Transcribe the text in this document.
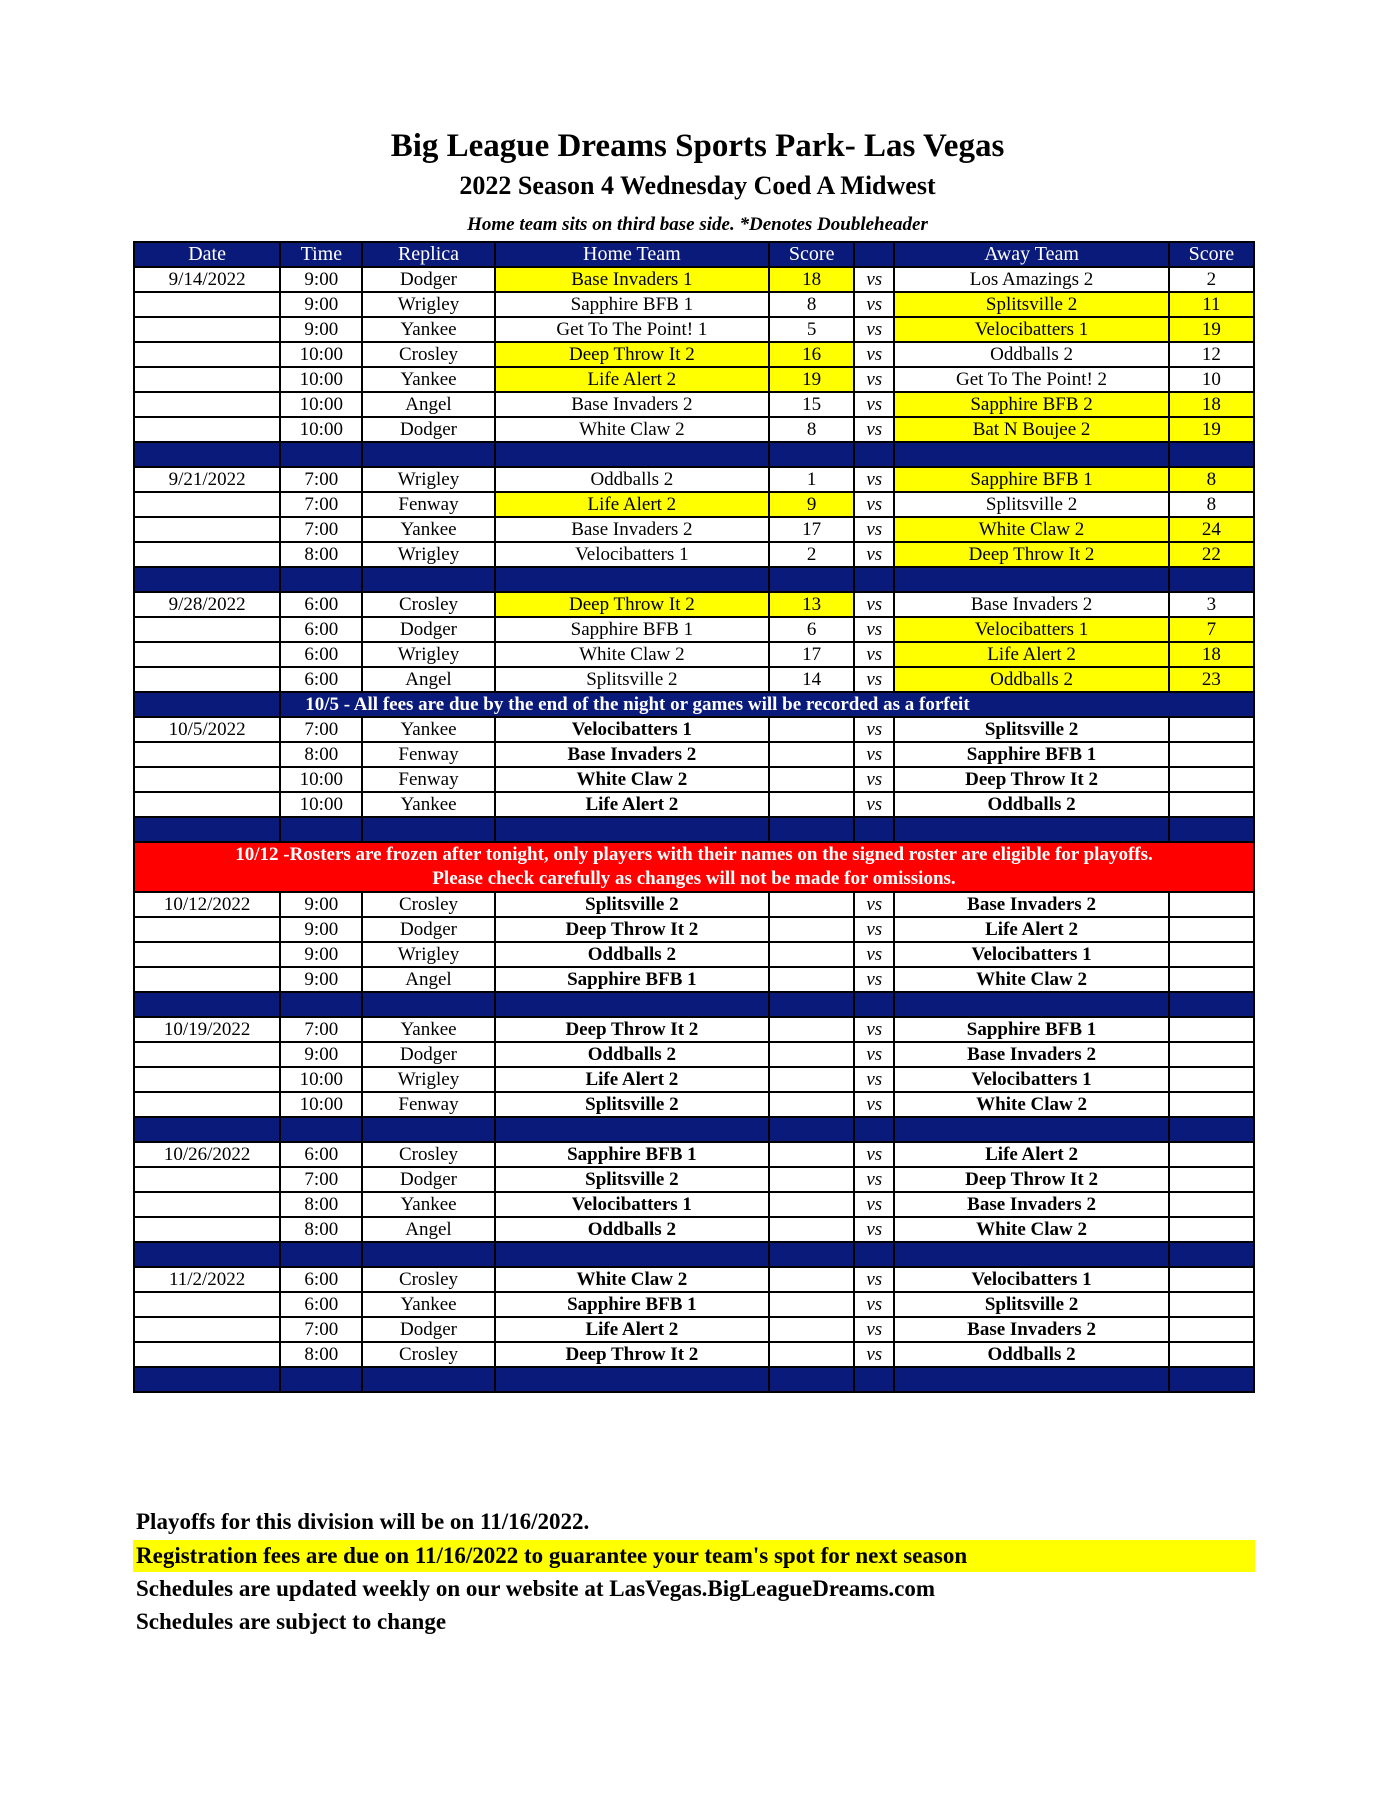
Big League Dreams Sports Park- Las Vegas
2022 Season 4 Wednesday Coed A Midwest
Home team sits on third base side. *Denotes Doubleheader
Date	Time	Replica	Home Team	Score		Away Team	Score
9/14/2022	9:00	Dodger	Base Invaders 1	18	vs	Los Amazings 2	2
	9:00	Wrigley	Sapphire BFB 1	8	vs	Splitsville 2	11
	9:00	Yankee	Get To The Point! 1	5	vs	Velocibatters 1	19
	10:00	Crosley	Deep Throw It 2	16	vs	Oddballs 2	12
	10:00	Yankee	Life Alert 2	19	vs	Get To The Point! 2	10
	10:00	Angel	Base Invaders 2	15	vs	Sapphire BFB 2	18
	10:00	Dodger	White Claw 2	8	vs	Bat N Boujee 2	19

9/21/2022	7:00	Wrigley	Oddballs 2	1	vs	Sapphire BFB 1	8
	7:00	Fenway	Life Alert 2	9	vs	Splitsville 2	8
	7:00	Yankee	Base Invaders 2	17	vs	White Claw 2	24
	8:00	Wrigley	Velocibatters 1	2	vs	Deep Throw It 2	22

9/28/2022	6:00	Crosley	Deep Throw It 2	13	vs	Base Invaders 2	3
	6:00	Dodger	Sapphire BFB 1	6	vs	Velocibatters 1	7
	6:00	Wrigley	White Claw 2	17	vs	Life Alert 2	18
	6:00	Angel	Splitsville 2	14	vs	Oddballs 2	23
	10/5 - All fees are due by the end of the night or games will be recorded as a forfeit						
10/5/2022	7:00	Yankee	Velocibatters 1		vs	Splitsville 2	
	8:00	Fenway	Base Invaders 2		vs	Sapphire BFB 1	
	10:00	Fenway	White Claw 2		vs	Deep Throw It 2	
	10:00	Yankee	Life Alert 2		vs	Oddballs 2	

10/12 -Rosters are frozen after tonight, only players with their names on the signed roster are eligible for playoffs.
Please check carefully as changes will not be made for omissions.							

10/12/2022	9:00	Crosley	Splitsville 2		vs	Base Invaders 2	
	9:00	Dodger	Deep Throw It 2		vs	Life Alert 2	
	9:00	Wrigley	Oddballs 2		vs	Velocibatters 1	
	9:00	Angel	Sapphire BFB 1		vs	White Claw 2	

10/19/2022	7:00	Yankee	Deep Throw It 2		vs	Sapphire BFB 1	
	9:00	Dodger	Oddballs 2		vs	Base Invaders 2	
	10:00	Wrigley	Life Alert 2		vs	Velocibatters 1	
	10:00	Fenway	Splitsville 2		vs	White Claw 2	

10/26/2022	6:00	Crosley	Sapphire BFB 1		vs	Life Alert 2	
	7:00	Dodger	Splitsville 2		vs	Deep Throw It 2	
	8:00	Yankee	Velocibatters 1		vs	Base Invaders 2	
	8:00	Angel	Oddballs 2		vs	White Claw 2	

11/2/2022	6:00	Crosley	White Claw 2		vs	Velocibatters 1	
	6:00	Yankee	Sapphire BFB 1		vs	Splitsville 2	
	7:00	Dodger	Life Alert 2		vs	Base Invaders 2	
	8:00	Crosley	Deep Throw It 2		vs	Oddballs 2	

Playoffs for this division will be on 11/16/2022.
Registration fees are due on 11/16/2022 to guarantee your team's spot for next season
Schedules are updated weekly on our website at LasVegas.BigLeagueDreams.com
Schedules are subject to change
